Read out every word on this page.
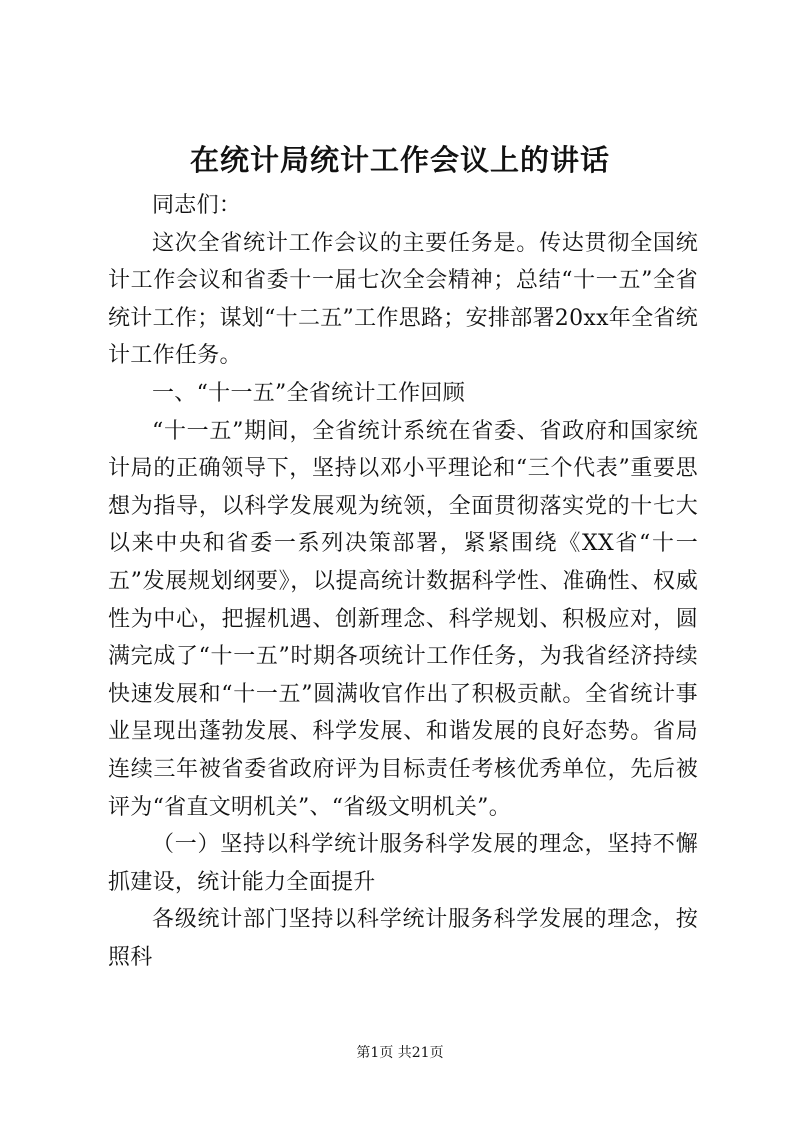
在统计局统计工作会议上的讲话

同志们：

这次全省统计工作会议的主要任务是。传达贯彻全国统计工作会议和省委十一届七次全会精神；总结“十一五”全省统计工作；谋划“十二五”工作思路；安排部署20xx年全省统计工作任务。

一、“十一五”全省统计工作回顾

“十一五”期间，全省统计系统在省委、省政府和国家统计局的正确领导下，坚持以邓小平理论和“三个代表”重要思想为指导，以科学发展观为统领，全面贯彻落实党的十七大以来中央和省委一系列决策部署，紧紧围绕《XX省“十一五”发展规划纲要》，以提高统计数据科学性、准确性、权威性为中心，把握机遇、创新理念、科学规划、积极应对，圆满完成了“十一五”时期各项统计工作任务，为我省经济持续快速发展和“十一五”圆满收官作出了积极贡献。全省统计事业呈现出蓬勃发展、科学发展、和谐发展的良好态势。省局连续三年被省委省政府评为目标责任考核优秀单位，先后被评为“省直文明机关”、“省级文明机关”。

（一）坚持以科学统计服务科学发展的理念，坚持不懈抓建设，统计能力全面提升

各级统计部门坚持以科学统计服务科学发展的理念，按照科

第1页 共21页
